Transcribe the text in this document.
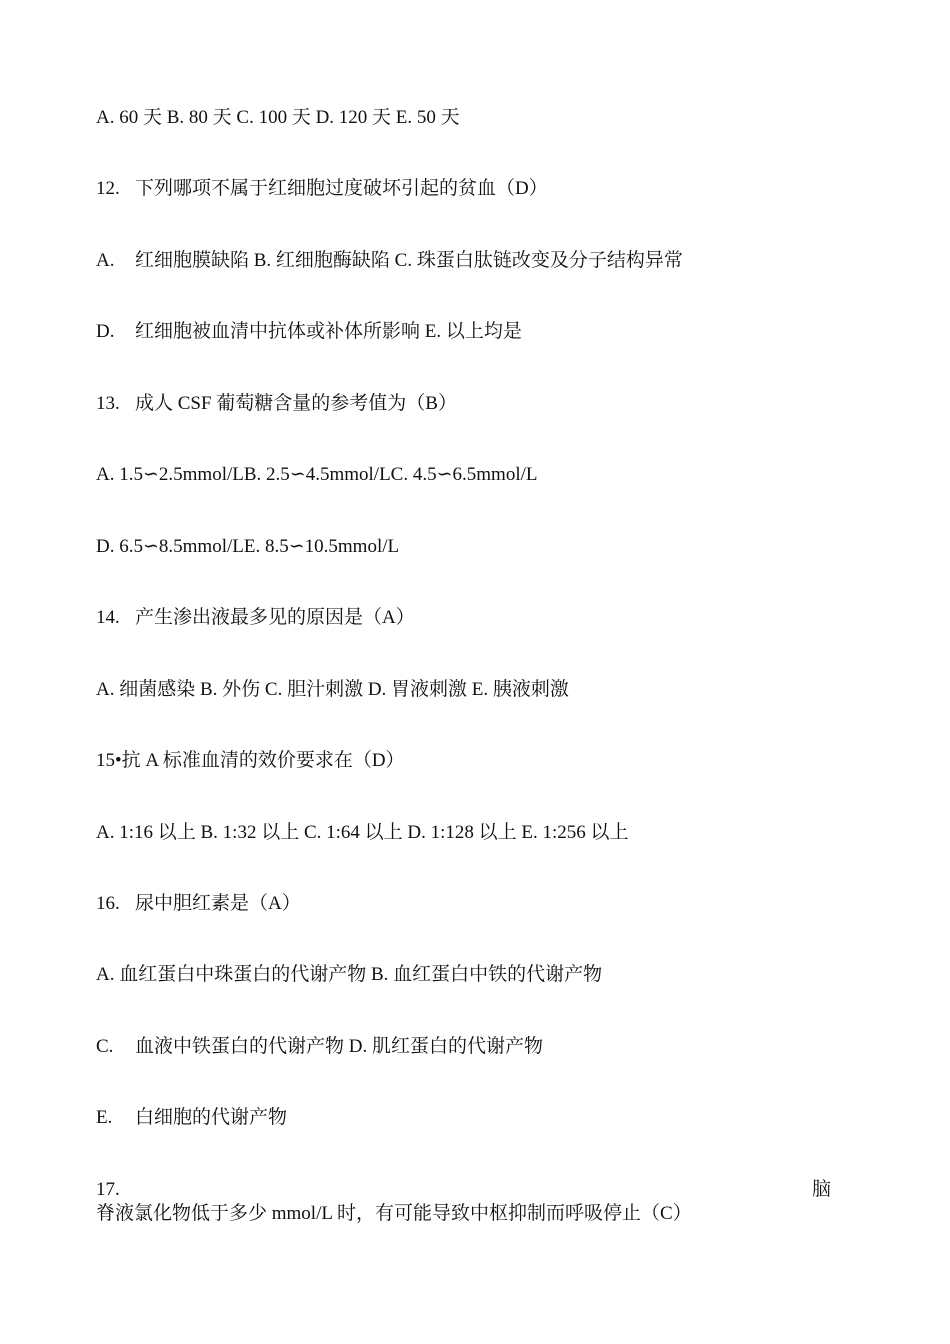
A. 60 天 B. 80 天 C. 100 天 D. 120 天 E. 50 天
12. 下列哪项不属于红细胞过度破坏引起的贫血（D）
A. 红细胞膜缺陷 B. 红细胞酶缺陷 C. 珠蛋白肽链改变及分子结构异常
D. 红细胞被血清中抗体或补体所影响 E. 以上均是
13. 成人 CSF 葡萄糖含量的参考值为（B）
A. 1.5∽2.5mmol/LB. 2.5∽4.5mmol/LC. 4.5∽6.5mmol/L
D. 6.5∽8.5mmol/LE. 8.5∽10.5mmol/L
14. 产生渗出液最多见的原因是（A）
A. 细菌感染 B. 外伤 C. 胆汁刺激 D. 胃液刺激 E. 胰液刺激
15•抗 A 标准血清的效价要求在（D）
A. 1:16 以上 B. 1:32 以上 C. 1:64 以上 D. 1:128 以上 E. 1:256 以上
16. 尿中胆红素是（A）
A. 血红蛋白中珠蛋白的代谢产物 B. 血红蛋白中铁的代谢产物
C. 血液中铁蛋白的代谢产物 D. 肌红蛋白的代谢产物
E. 白细胞的代谢产物
17.	脑
脊液氯化物低于多少 mmol/L 时，有可能导致中枢抑制而呼吸停止（C）
